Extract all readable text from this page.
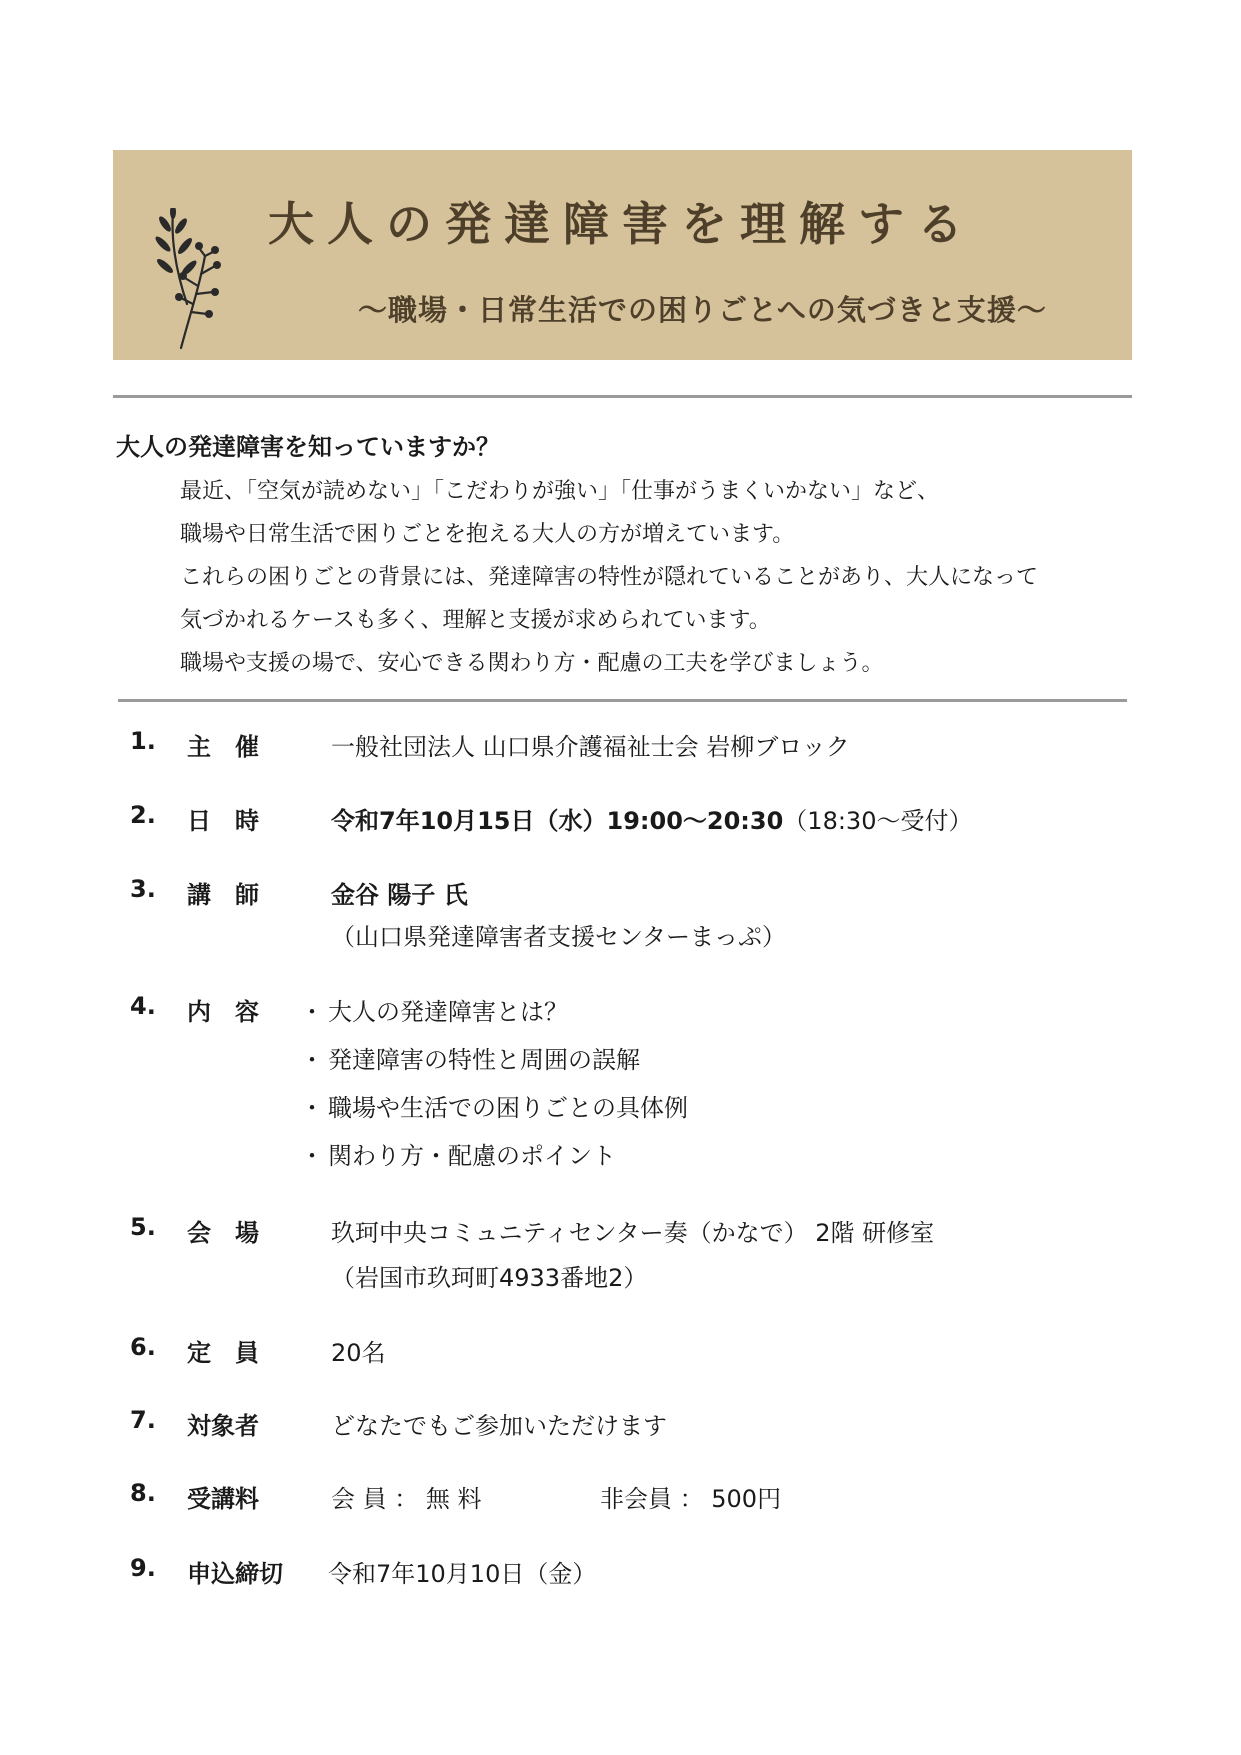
大人の発達障害を理解する
～職場・日常生活での困りごとへの気づきと支援～
大人の発達障害を知っていますか？
最近、「空気が読めない」「こだわりが強い」「仕事がうまくいかない」など、
職場や日常生活で困りごとを抱える大人の方が増えています。
これらの困りごとの背景には、発達障害の特性が隠れていることがあり、大人になって
気づかれるケースも多く、理解と支援が求められています。
職場や支援の場で、安心できる関わり方・配慮の工夫を学びましょう。
1. 主　催	一般社団法人 山口県介護福祉士会 岩柳ブロック
2. 日　時	令和7年10月15日（水）19:00～20:30（18:30～受付）
3. 講　師	金谷 陽子 氏
（山口県発達障害者支援センターまっぷ）
4. 内　容 ・ 大人の発達障害とは？
・ 発達障害の特性と周囲の誤解
・ 職場や生活での困りごとの具体例
・ 関わり方・配慮のポイント
5. 会　場	玖珂中央コミュニティセンター奏（かなで） 2階 研修室
（岩国市玖珂町4933番地2）
6. 定　員	20名
7. 対象者	どなたでもご参加いただけます
8. 受講料	会 員 ： 無 料	非会員 ： 500円
9. 申込締切 令和7年10月10日（金）
